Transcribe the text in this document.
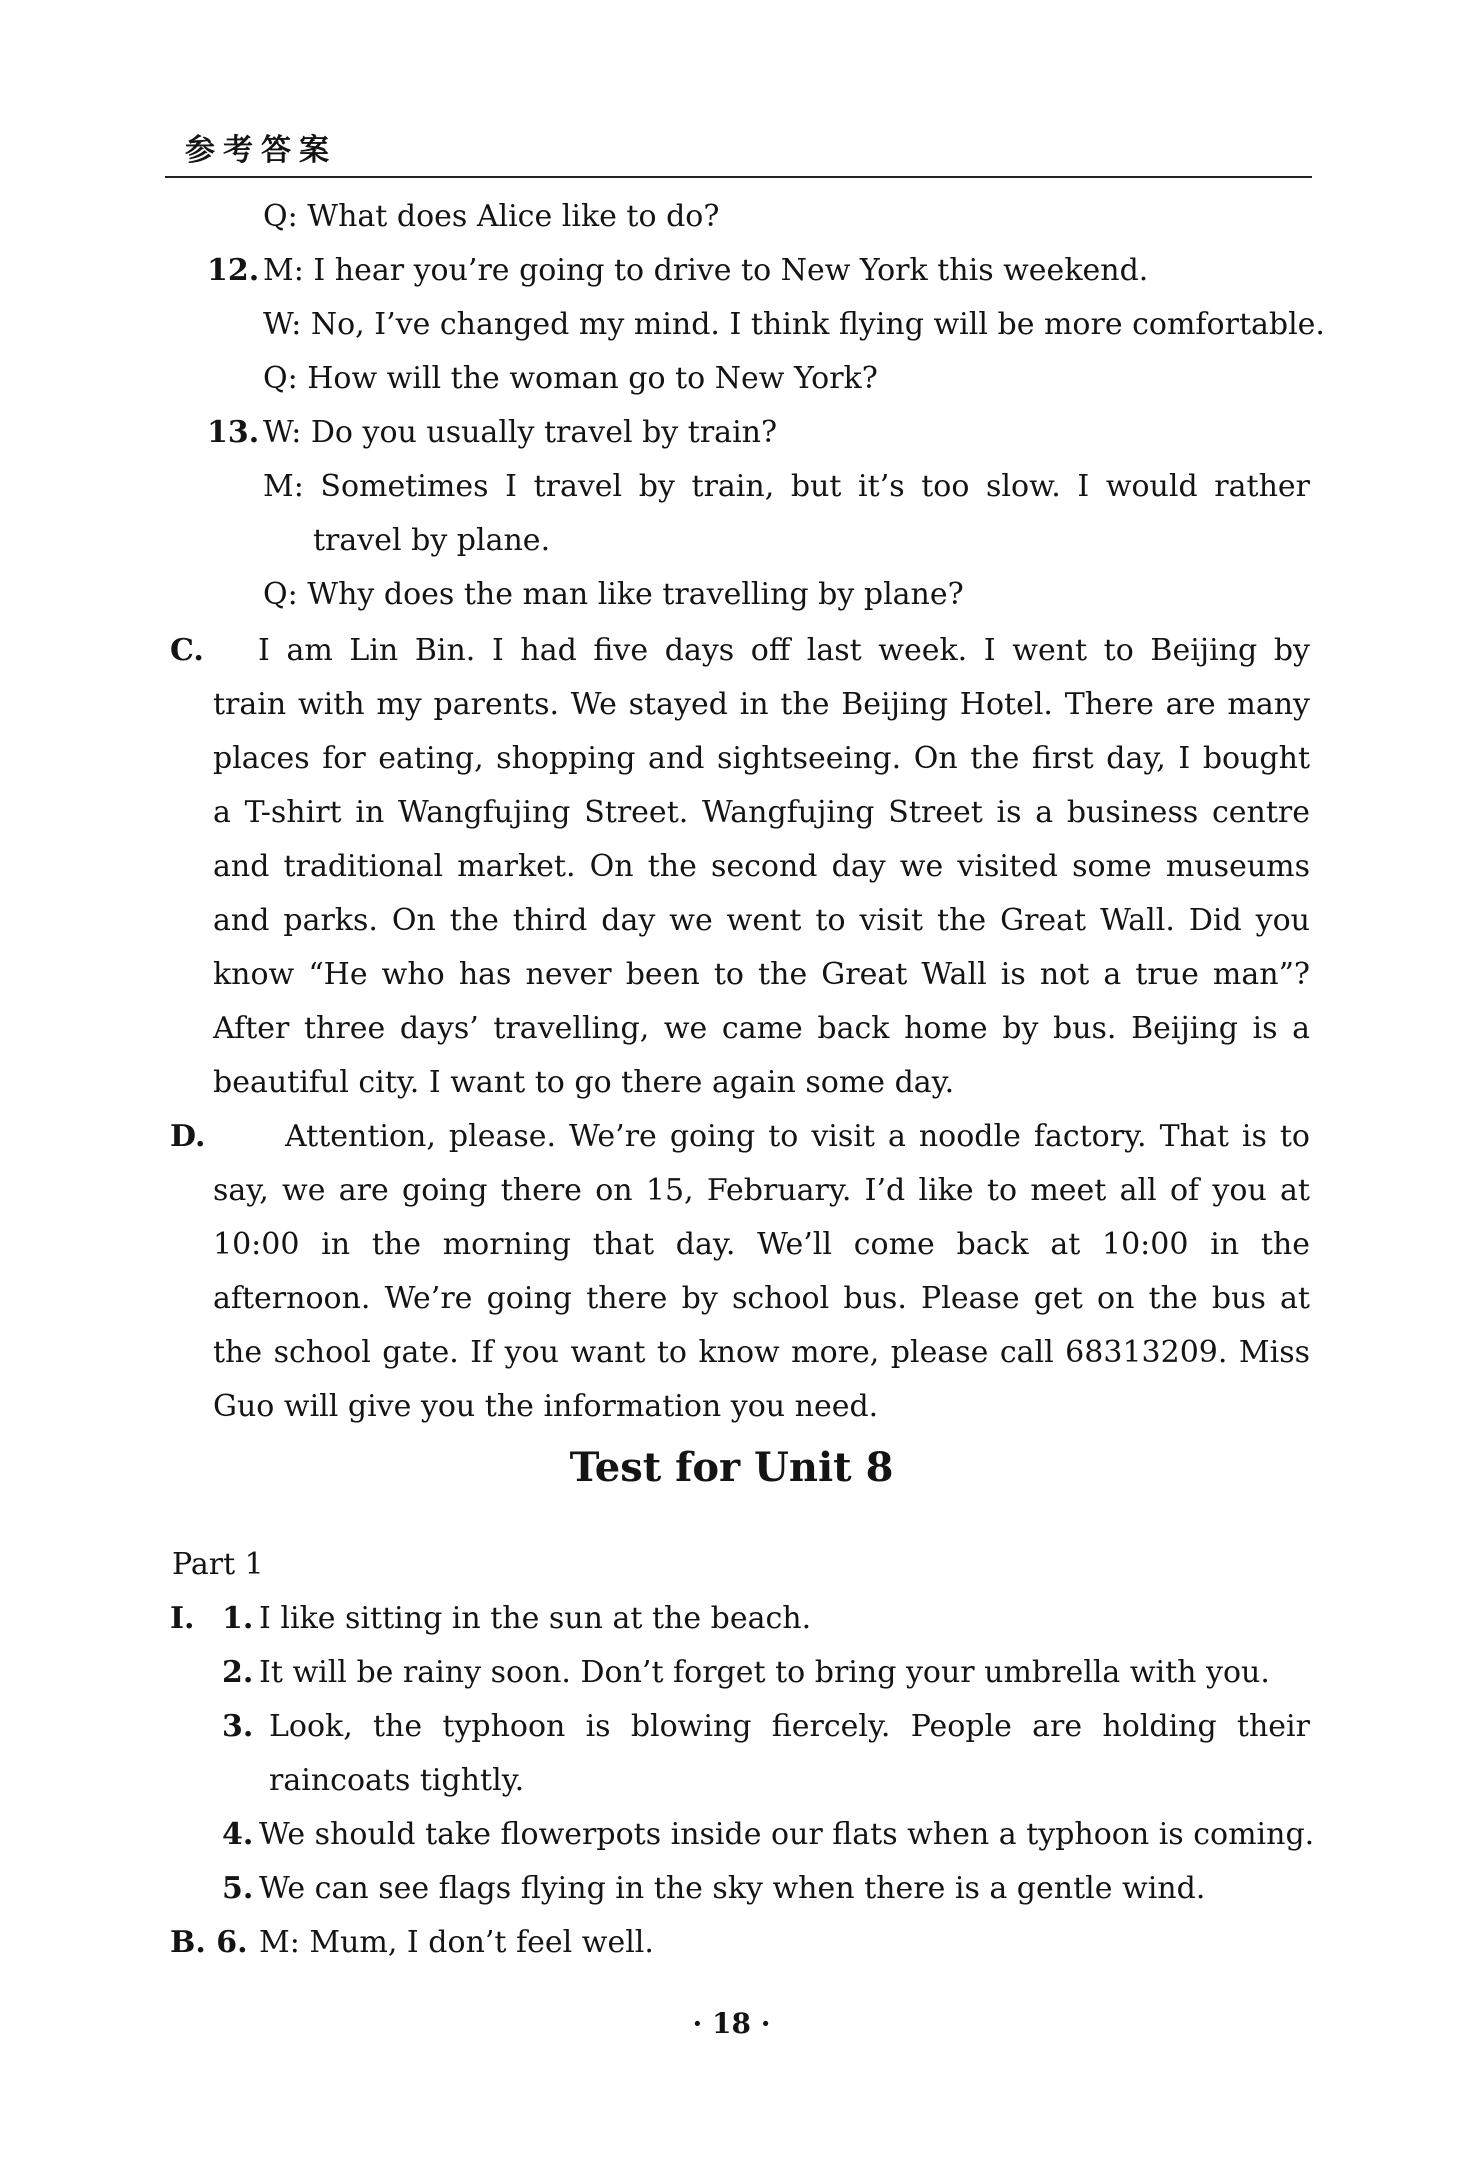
参考答案
Q: What does Alice like to do?
12. M: I hear you’re going to drive to New York this weekend.
W: No, I’ve changed my mind. I think flying will be more comfortable.
Q: How will the woman go to New York?
13. W: Do you usually travel by train?
M: Sometimes I travel by train, but it’s too slow. I would rather
travel by plane.
Q: Why does the man like travelling by plane?
C. I am Lin Bin. I had five days off last week. I went to Beijing by
train with my parents. We stayed in the Beijing Hotel. There are many
places for eating, shopping and sightseeing. On the first day, I bought
a T-shirt in Wangfujing Street. Wangfujing Street is a business centre
and traditional market. On the second day we visited some museums
and parks. On the third day we went to visit the Great Wall. Did you
know “He who has never been to the Great Wall is not a true man”?
After three days’ travelling, we came back home by bus. Beijing is a
beautiful city. I want to go there again some day.
D.	Attention, please. We’re going to visit a noodle factory. That is to
say, we are going there on 15, February. I’d like to meet all of you at
10:00 in the morning that day. We’ll come back at 10:00 in the
afternoon. We’re going there by school bus. Please get on the bus at
the school gate. If you want to know more, please call 68313209. Miss
Guo will give you the information you need.
Test for Unit 8
Part 1
Ⅰ. 1. I like sitting in the sun at the beach.
2. It will be rainy soon. Don’t forget to bring your umbrella with you.
3. Look, the typhoon is blowing fiercely. People are holding their
raincoats tightly.
4. We should take flowerpots inside our flats when a typhoon is coming.
5. We can see flags flying in the sky when there is a gentle wind.
B. 6. M: Mum, I don’t feel well.
· 18 ·
